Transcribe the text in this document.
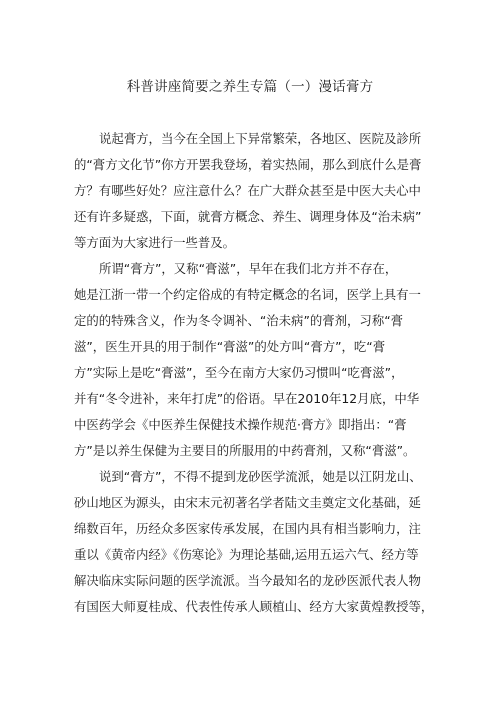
科普讲座简要之养生专篇（一）漫话膏方
说起膏方，当今在全国上下异常繁荣，各地区、医院及診所
的“膏方文化节”你方开罢我登场，着实热闹，那么到底什么是膏
方？有哪些好处？应注意什么？在广大群众甚至是中医大夫心中
还有许多疑惑，下面，就膏方概念、养生、调理身体及“治未病”
等方面为大家进行一些普及。
所谓“膏方”，又称“膏滋”，早年在我们北方并不存在，
她是江浙一带一个约定俗成的有特定概念的名词，医学上具有一
定的的特殊含义，作为冬令调补、“治未病”的膏剂，习称“膏
滋”，医生开具的用于制作“膏滋”的处方叫“膏方”，吃“膏
方”实际上是吃“膏滋”，至今在南方大家仍习惯叫“吃膏滋”，
并有“冬令进补，来年打虎”的俗语。早在2010年12月底，中华
中医药学会《中医养生保健技术操作规范·膏方》即指出：“膏
方”是以养生保健为主要目的所服用的中药膏剂，又称“膏滋”。
说到“膏方”，不得不提到龙砂医学流派，她是以江阴龙山、
砂山地区为源头，由宋末元初著名学者陆文圭奠定文化基础，延
绵数百年，历经众多医家传承发展，在国内具有相当影响力，注
重以《黄帝内经》《伤寒论》为理论基础,运用五运六气、经方等
解决临床实际问题的医学流派。当今最知名的龙砂医派代表人物
有国医大师夏桂成、代表性传承人顾植山、经方大家黄煌教授等，
